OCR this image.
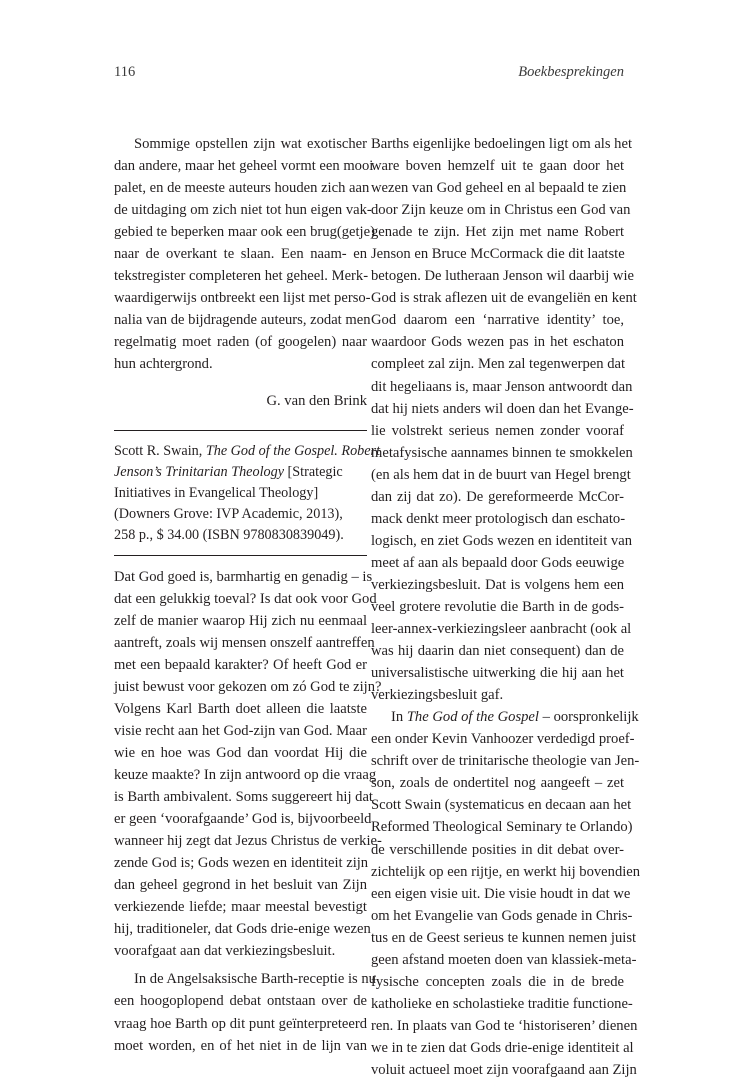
116	Boekbesprekingen
Sommige opstellen zijn wat exotischer
dan andere, maar het geheel vormt een mooi
palet, en de meeste auteurs houden zich aan
de uitdaging om zich niet tot hun eigen vak-
gebied te beperken maar ook een brug(getje)
naar de overkant te slaan. Een naam- en
tekstregister completeren het geheel. Merk-
waardigerwijs ontbreekt een lijst met perso-
nalia van de bijdragende auteurs, zodat men
regelmatig moet raden (of googelen) naar
hun achtergrond.
G. van den Brink
Scott R. Swain, The God of the Gospel. Robert
Jenson’s Trinitarian Theology [Strategic
Initiatives in Evangelical Theology]
(Downers Grove: IVP Academic, 2013),
258 p., $ 34.00 (ISBN 9780830839049).
Dat God goed is, barmhartig en genadig – is
dat een gelukkig toeval? Is dat ook voor God
zelf de manier waarop Hij zich nu eenmaal
aantreft, zoals wij mensen onszelf aantreffen
met een bepaald karakter? Of heeft God er
juist bewust voor gekozen om zó God te zijn?
Volgens Karl Barth doet alleen die laatste
visie recht aan het God-zijn van God. Maar
wie en hoe was God dan voordat Hij die
keuze maakte? In zijn antwoord op die vraag
is Barth ambivalent. Soms suggereert hij dat
er geen ‘voorafgaande’ God is, bijvoorbeeld
wanneer hij zegt dat Jezus Christus de verkie-
zende God is; Gods wezen en identiteit zijn
dan geheel gegrond in het besluit van Zijn
verkiezende liefde; maar meestal bevestigt
hij, traditioneler, dat Gods drie-enige wezen
voorafgaat aan dat verkiezingsbesluit.
In de Angelsaksische Barth-receptie is nu
een hoogoplopend debat ontstaan over de
vraag hoe Barth op dit punt geïnterpreteerd
moet worden, en of het niet in de lijn van
Barths eigenlijke bedoelingen ligt om als het
ware boven hemzelf uit te gaan door het
wezen van God geheel en al bepaald te zien
door Zijn keuze om in Christus een God van
genade te zijn. Het zijn met name Robert
Jenson en Bruce McCormack die dit laatste
betogen. De lutheraan Jenson wil daarbij wie
God is strak aflezen uit de evangeliën en kent
God daarom een ‘narrative identity’ toe,
waardoor Gods wezen pas in het eschaton
compleet zal zijn. Men zal tegenwerpen dat
dit hegeliaans is, maar Jenson antwoordt dan
dat hij niets anders wil doen dan het Evange-
lie volstrekt serieus nemen zonder vooraf
metafysische aannames binnen te smokkelen
(en als hem dat in de buurt van Hegel brengt
dan zij dat zo). De gereformeerde McCor-
mack denkt meer protologisch dan eschato-
logisch, en ziet Gods wezen en identiteit van
meet af aan als bepaald door Gods eeuwige
verkiezingsbesluit. Dat is volgens hem een
veel grotere revolutie die Barth in de gods-
leer-annex-verkiezingsleer aanbracht (ook al
was hij daarin dan niet consequent) dan de
universalistische uitwerking die hij aan het
verkiezingsbesluit gaf.
In The God of the Gospel – oorspronkelijk
een onder Kevin Vanhoozer verdedigd proef-
schrift over de trinitarische theologie van Jen-
son, zoals de ondertitel nog aangeeft – zet
Scott Swain (systematicus en decaan aan het
Reformed Theological Seminary te Orlando)
de verschillende posities in dit debat over-
zichtelijk op een rijtje, en werkt hij bovendien
een eigen visie uit. Die visie houdt in dat we
om het Evangelie van Gods genade in Chris-
tus en de Geest serieus te kunnen nemen juist
geen afstand moeten doen van klassiek-meta-
fysische concepten zoals die in de brede
katholieke en scholastieke traditie functione-
ren. In plaats van God te ‘historiseren’ dienen
we in te zien dat Gods drie-enige identiteit al
voluit actueel moet zijn voorafgaand aan Zijn
